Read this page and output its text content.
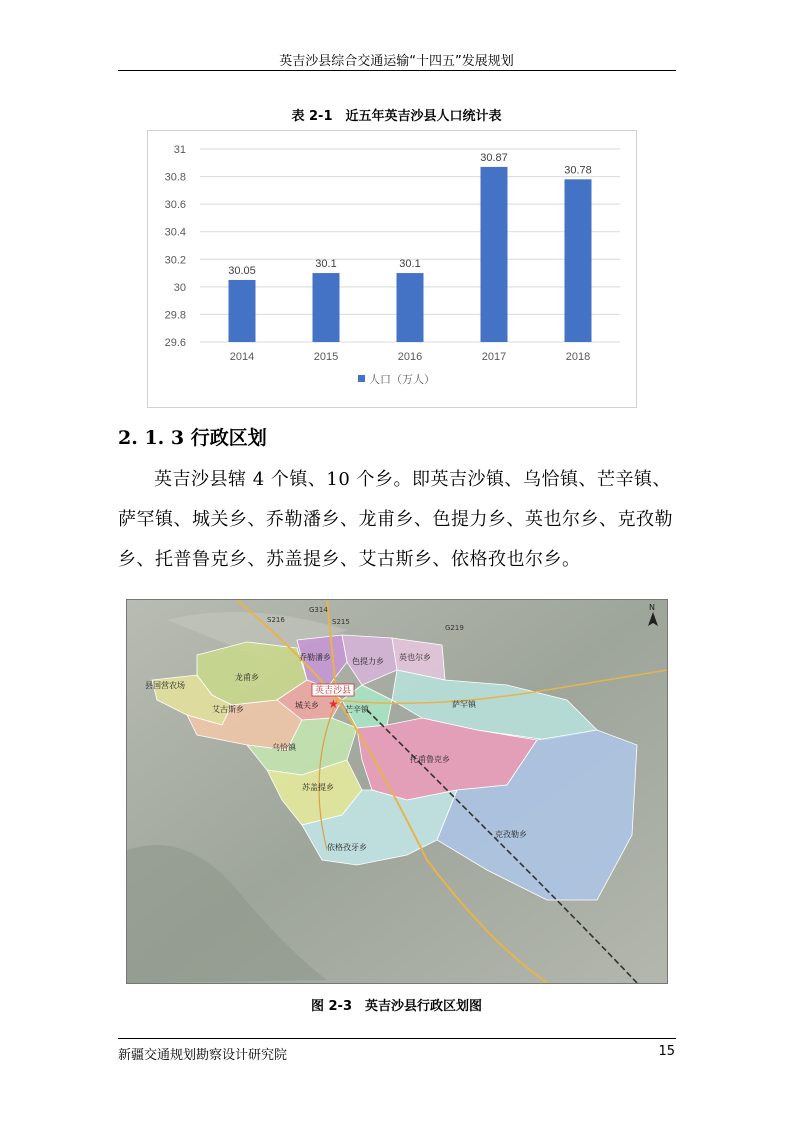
英吉沙县综合交通运输“十四五”发展规划
表 2-1　近五年英吉沙县人口统计表
29.6
29.8
30
30.2
30.4
30.6
30.8
31
30.05
2014
30.1
2015
30.1
2016
30.87
2017
30.78
2018
人口（万人）
2. 1. 3 行政区划
英吉沙县辖 4 个镇、10 个乡。即英吉沙镇、乌恰镇、芒辛镇、萨罕镇、城关乡、乔勒潘乡、龙甫乡、色提力乡、英也尔乡、克孜勒乡、托普鲁克乡、苏盖提乡、艾古斯乡、依格孜也尔乡。
G314
S215
S216
G219
龙甫乡
乔勒潘乡	色提力乡 英也尔乡
萨罕镇
城关乡	芒辛镇
艾古斯乡
乌恰镇
苏盖提乡
托甫鲁克乡
克孜勒乡
依格孜牙乡
县国营农场
英吉沙县
★
N
图 2-3　英吉沙县行政区划图
新疆交通规划勘察设计研究院	15
